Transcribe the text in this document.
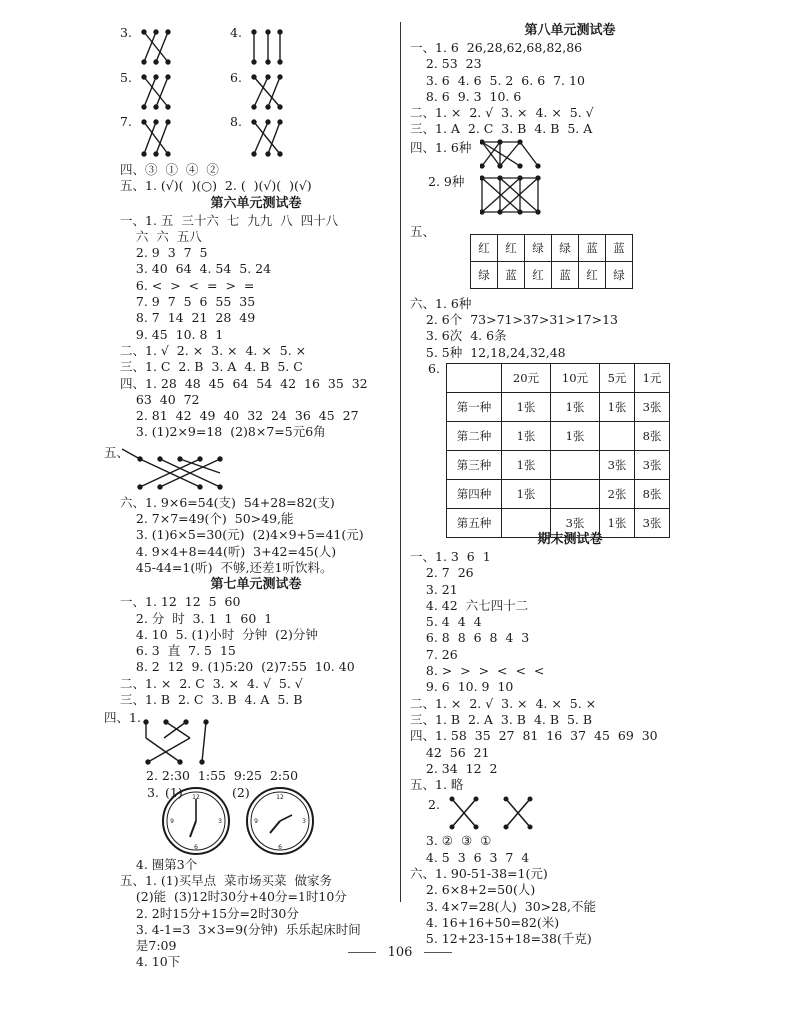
3.	4.
5.	6.
7.	8.
四、③  ①  ④  ②
五、1. (√)(  )(○)  2. (  )(√)(  )(√)
第六单元测试卷
一、1. 五  三十六  七  九九  八  四十八
六  六  五八
2. 9  3  7  5
3. 40  64  4. 54  5. 24
6. <  >  <  =  >  =
7. 9  7  5  6  55  35
8. 7  14  21  28  49
9. 45  10. 8  1
二、1. √  2. ×  3. ×  4. ×  5. ×
三、1. C  2. B  3. A  4. B  5. C
四、1. 28  48  45  64  54  42  16  35  32
63  40  72
2. 81  42  49  40  32  24  36  45  27
3. (1)2×9=18  (2)8×7=5元6角
五、
六、1. 9×6=54(支)  54+28=82(支)
2. 7×7=49(个)  50>49,能
3. (1)6×5=30(元)  (2)4×9+5=41(元)
4. 9×4+8=44(听)  3+42=45(人)
45-44=1(听)  不够,还差1听饮料。
第七单元测试卷
一、1. 12  12  5  60
2. 分  时  3. 1  1  60  1
4. 10  5. (1)小时  分钟  (2)分钟
6. 3  直  7. 5  15
8. 2  12  9. (1)5:20  (2)7:55  10. 40
二、1. ×  2. C  3. ×  4. √  5. √
三、1. B  2. C  3. B  4. A  5. B
四、1.
2. 2:30  1:55  9:25  2:50
3. (1)	(2)
12
3
6
9
12
3
6
9
4. 圈第3个
五、1. (1)买早点  菜市场买菜  做家务
(2)能  (3)12时30分+40分=1时10分
2. 2时15分+15分=2时30分
3. 4-1=3  3×3=9(分钟)  乐乐起床时间
是7:09
4. 10下
第八单元测试卷
一、1. 6  26,28,62,68,82,86
2. 53  23
3. 6  4. 6  5. 2  6. 6  7. 10
8. 6  9. 3  10. 6
二、1. ×  2. √  3. ×  4. ×  5. √
三、1. A  2. C  3. B  4. B  5. A
四、1. 6种
2. 9种
五、
红	红	绿	绿	蓝	蓝
绿	蓝	红	蓝	红	绿
六、1. 6种
2. 6个  73>71>37>31>17>13
3. 6次  4. 6条
5. 5种  12,18,24,32,48
6.
	20元	10元	5元	1元
第一种	1张	1张	1张	3张
第二种	1张	1张		8张
第三种	1张		3张	3张
第四种	1张		2张	8张
第五种		3张	1张	3张
期末测试卷
一、1. 3  6  1
2. 7  26
3. 21
4. 42  六七四十二
5. 4  4  4
6. 8  8  6  8  4  3
7. 26
8. >  >  >  <  <  <
9. 6  10. 9  10
二、1. ×  2. √  3. ×  4. ×  5. ×
三、1. B  2. A  3. B  4. B  5. B
四、1. 58  35  27  81  16  37  45  69  30
42  56  21
2. 34  12  2
五、1. 略
2.
3. ②  ③  ①
4. 5  3  6  3  7  4
六、1. 90-51-38=1(元)
2. 6×8+2=50(人)
3. 4×7=28(人)  30>28,不能
4. 16+16+50=82(米)
5. 12+23-15+18=38(千克)
106
